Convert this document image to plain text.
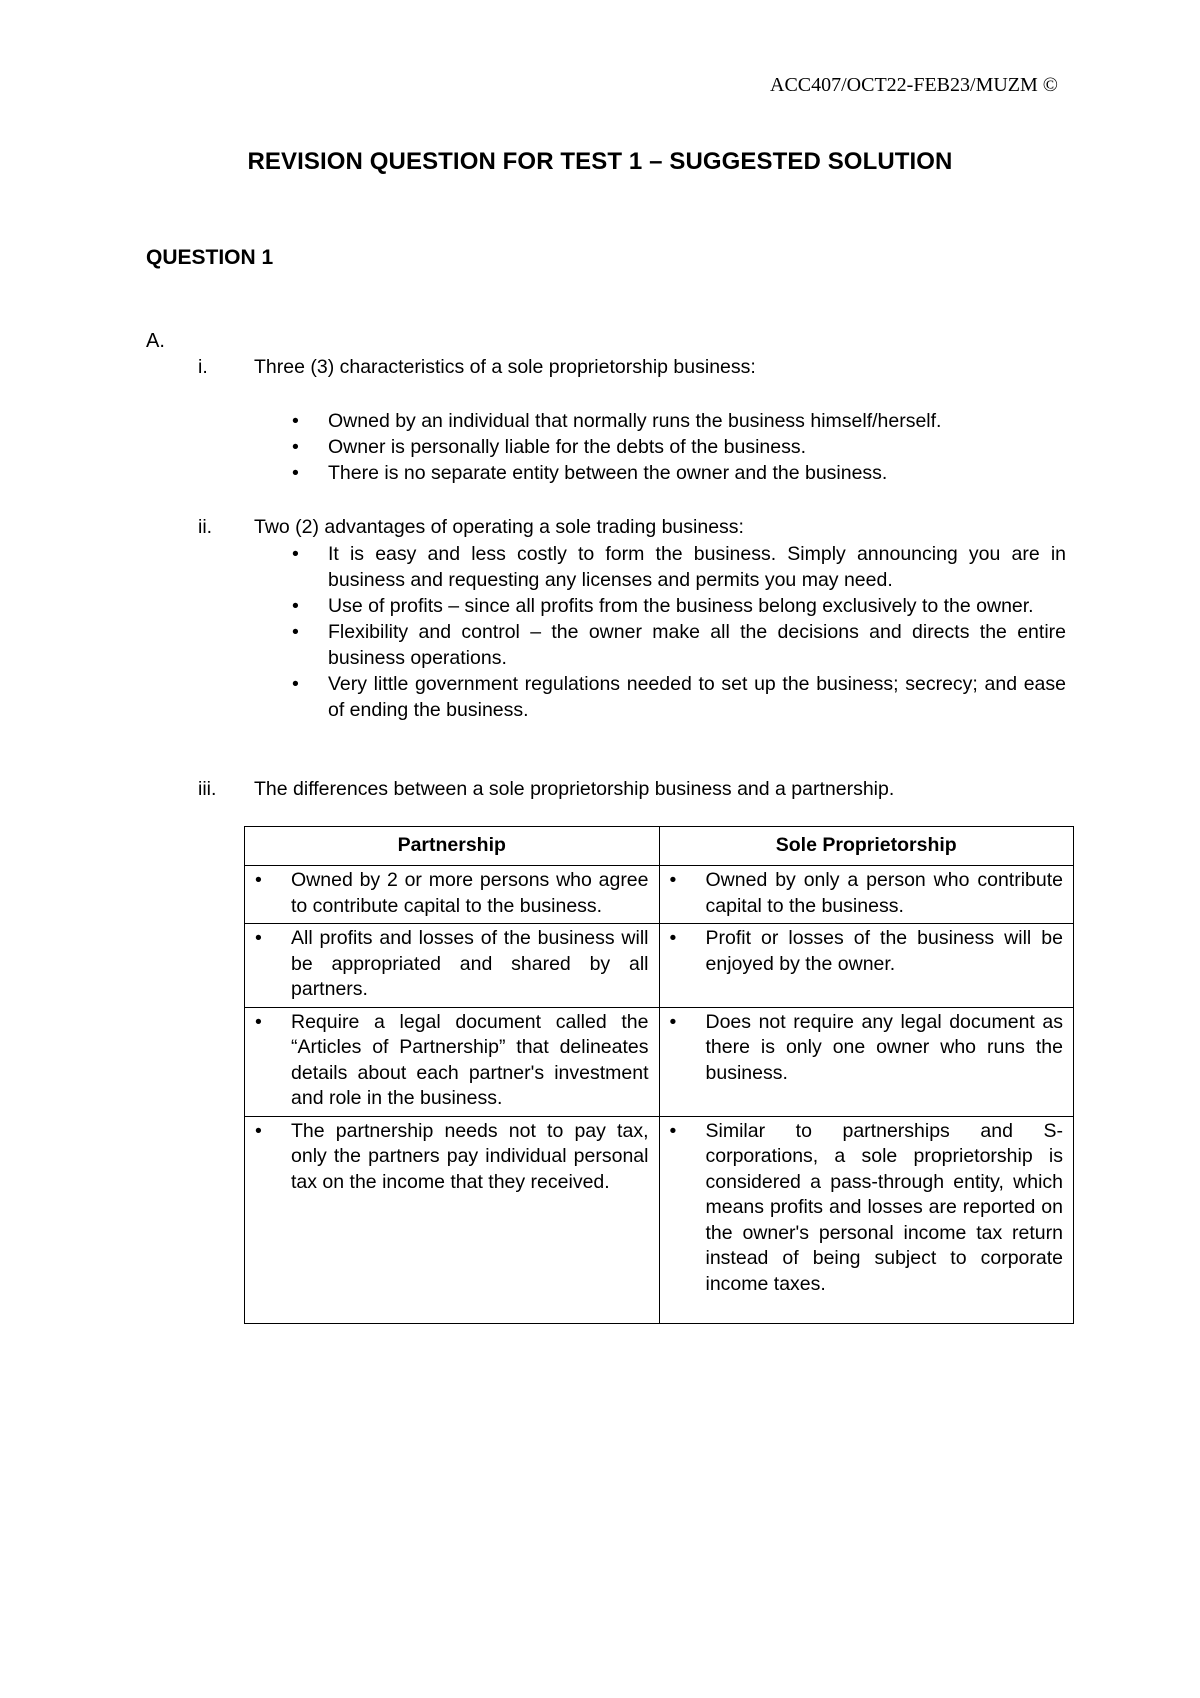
ACC407/OCT22-FEB23/MUZM ©
REVISION QUESTION FOR TEST 1 – SUGGESTED SOLUTION
QUESTION 1
A.
i. Three (3) characteristics of a sole proprietorship business:
• Owned by an individual that normally runs the business himself/herself.
• Owner is personally liable for the debts of the business.
• There is no separate entity between the owner and the business.
ii. Two (2) advantages of operating a sole trading business:
• It is easy and less costly to form the business. Simply announcing you are in business and requesting any licenses and permits you may need.
• Use of profits – since all profits from the business belong exclusively to the owner.
• Flexibility and control – the owner make all the decisions and directs the entire business operations.
• Very little government regulations needed to set up the business; secrecy; and ease of ending the business.
iii. The differences between a sole proprietorship business and a partnership.
Partnership	Sole Proprietorship

• Owned by 2 or more persons who agree to contribute capital to the business.	• Owned by only a person who contribute capital to the business.

• All profits and losses of the business will be appropriated and shared by all partners.	• Profit or losses of the business will be enjoyed by the owner.

• Require a legal document called the “Articles of Partnership” that delineates details about each partner's investment and role in the business.	• Does not require any legal document as there is only one owner who runs the business.

• The partnership needs not to pay tax, only the partners pay individual personal tax on the income that they received.	• Similar to partnerships and S-corporations, a sole proprietorship is considered a pass-through entity, which means profits and losses are reported on the owner's personal income tax return instead of being subject to corporate income taxes.
